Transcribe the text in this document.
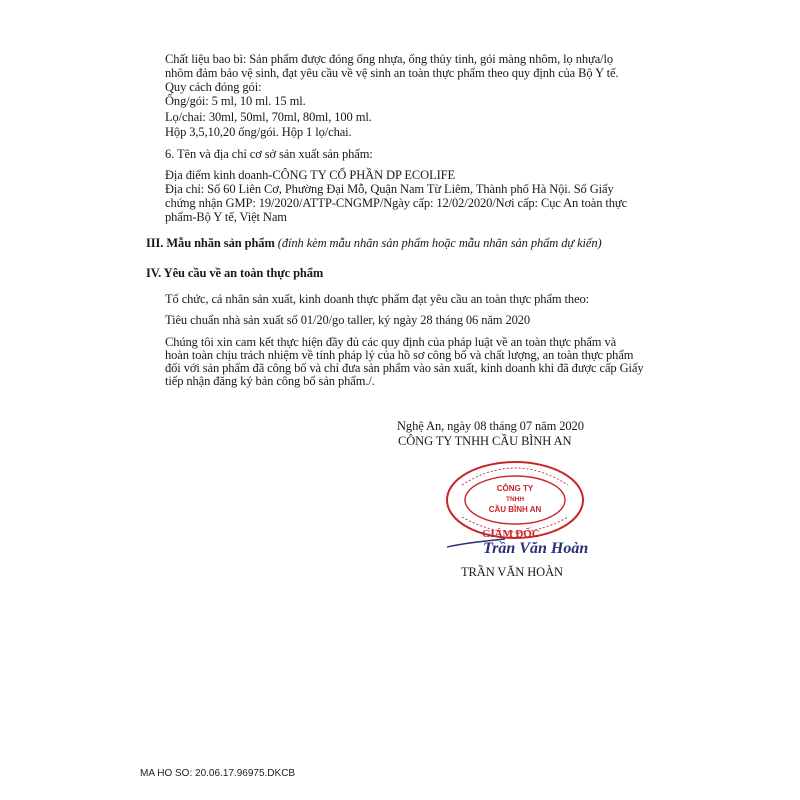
Chất liệu bao bì: Sản phẩm được đóng ống nhựa, ống thủy tinh, gói màng nhôm, lọ nhựa/lọ
nhôm đảm bảo vệ sinh, đạt yêu cầu về vệ sinh an toàn thực phẩm theo quy định của Bộ Y tế.
Quy cách đóng gói:
Ống/gói: 5 ml, 10 ml. 15 ml.
Lọ/chai: 30ml, 50ml, 70ml, 80ml, 100 ml.
Hộp 3,5,10,20 ống/gói. Hộp 1 lọ/chai.
6. Tên và địa chỉ cơ sở sản xuất sản phẩm:
Địa điểm kinh doanh-CÔNG TY CỔ PHẦN DP ECOLIFE
Địa chỉ: Số 60 Liên Cơ, Phường Đại Mỗ, Quận Nam Từ Liêm, Thành phố Hà Nội. Số Giấy
chứng nhận GMP: 19/2020/ATTP-CNGMP/Ngày cấp: 12/02/2020/Nơi cấp: Cục An toàn thực
phẩm-Bộ Y tế, Việt Nam
III. Mẫu nhãn sản phẩm (đính kèm mẫu nhãn sản phẩm hoặc mẫu nhãn sản phẩm dự kiến)
IV. Yêu cầu về an toàn thực phẩm
Tổ chức, cá nhân sản xuất, kinh doanh thực phẩm đạt yêu cầu an toàn thực phẩm theo:
Tiêu chuẩn nhà sản xuất số 01/20/go taller, ký ngày 28 tháng 06 năm 2020
Chúng tôi xin cam kết thực hiện đầy đủ các quy định của pháp luật về an toàn thực phẩm và
hoàn toàn chịu trách nhiệm về tính pháp lý của hồ sơ công bố và chất lượng, an toàn thực phẩm
đối với sản phẩm đã công bố và chỉ đưa sản phẩm vào sản xuất, kinh doanh khi đã được cấp Giấy
tiếp nhận đăng ký bản công bố sản phẩm./.
Nghệ An, ngày 08 tháng 07 năm 2020
CÔNG TY TNHH CẦU BÌNH AN
CÔNG TY
TNHH
CẦU BÌNH AN
GIÁM ĐỐC
Trần Văn Hoàn
TRẦN VĂN HOÀN
MA HO SO: 20.06.17.96975.DKCB
